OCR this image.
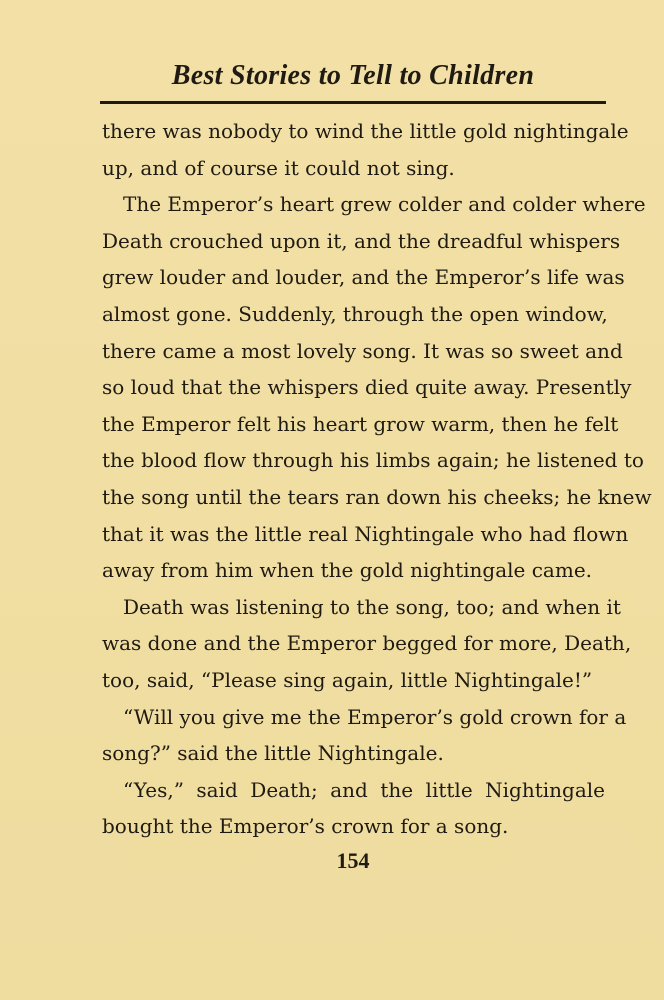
Best Stories to Tell to Children
there was nobody to wind the little gold nightingale
up, and of course it could not sing.
The Emperor’s heart grew colder and colder where
Death crouched upon it, and the dreadful whispers
grew louder and louder, and the Emperor’s life was
almost gone. Suddenly, through the open window,
there came a most lovely song. It was so sweet and
so loud that the whispers died quite away. Presently
the Emperor felt his heart grow warm, then he felt
the blood flow through his limbs again; he listened to
the song until the tears ran down his cheeks; he knew
that it was the little real Nightingale who had flown
away from him when the gold nightingale came.
Death was listening to the song, too; and when it
was done and the Emperor begged for more, Death,
too, said, “Please sing again, little Nightingale!”
“Will you give me the Emperor’s gold crown for a
song?” said the little Nightingale.
“Yes,” said Death; and the little Nightingale
bought the Emperor’s crown for a song.
154
